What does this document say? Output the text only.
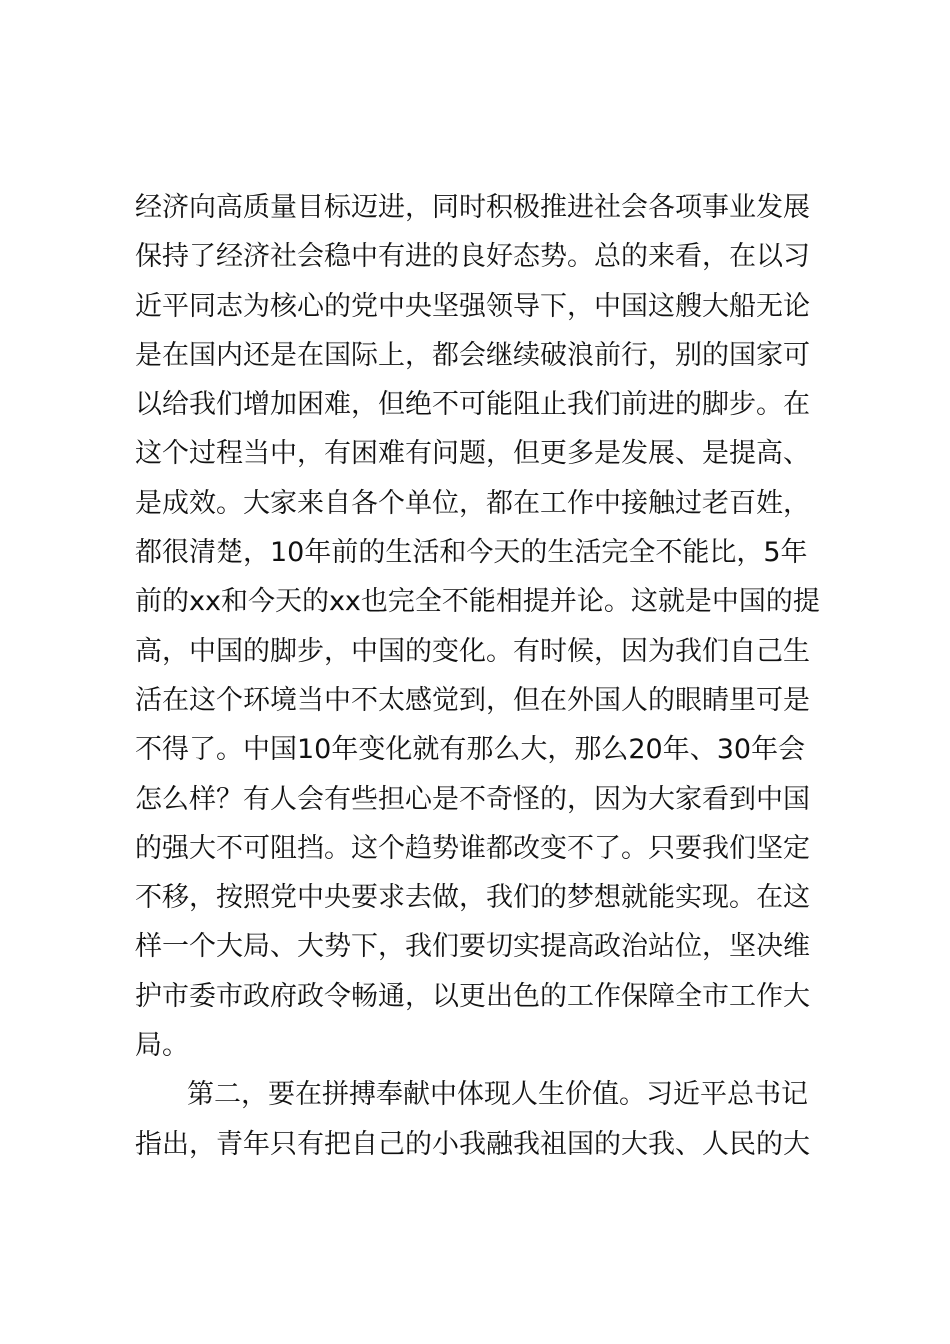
经济向高质量目标迈进，同时积极推进社会各项事业发展
保持了经济社会稳中有进的良好态势。总的来看，在以习
近平同志为核心的党中央坚强领导下，中国这艘大船无论
是在国内还是在国际上，都会继续破浪前行，别的国家可
以给我们增加困难，但绝不可能阻止我们前进的脚步。在
这个过程当中，有困难有问题，但更多是发展、是提高、
是成效。大家来自各个单位，都在工作中接触过老百姓，
都很清楚，10年前的生活和今天的生活完全不能比，5年
前的xx和今天的xx也完全不能相提并论。这就是中国的提
高，中国的脚步，中国的变化。有时候，因为我们自己生
活在这个环境当中不太感觉到，但在外国人的眼睛里可是
不得了。中国10年变化就有那么大，那么20年、30年会
怎么样？有人会有些担心是不奇怪的，因为大家看到中国
的强大不可阻挡。这个趋势谁都改变不了。只要我们坚定
不移，按照党中央要求去做，我们的梦想就能实现。在这
样一个大局、大势下，我们要切实提高政治站位，坚决维
护市委市政府政令畅通，以更出色的工作保障全市工作大
局。
第二，要在拼搏奉献中体现人生价值。习近平总书记
指出，青年只有把自己的小我融我祖国的大我、人民的大
